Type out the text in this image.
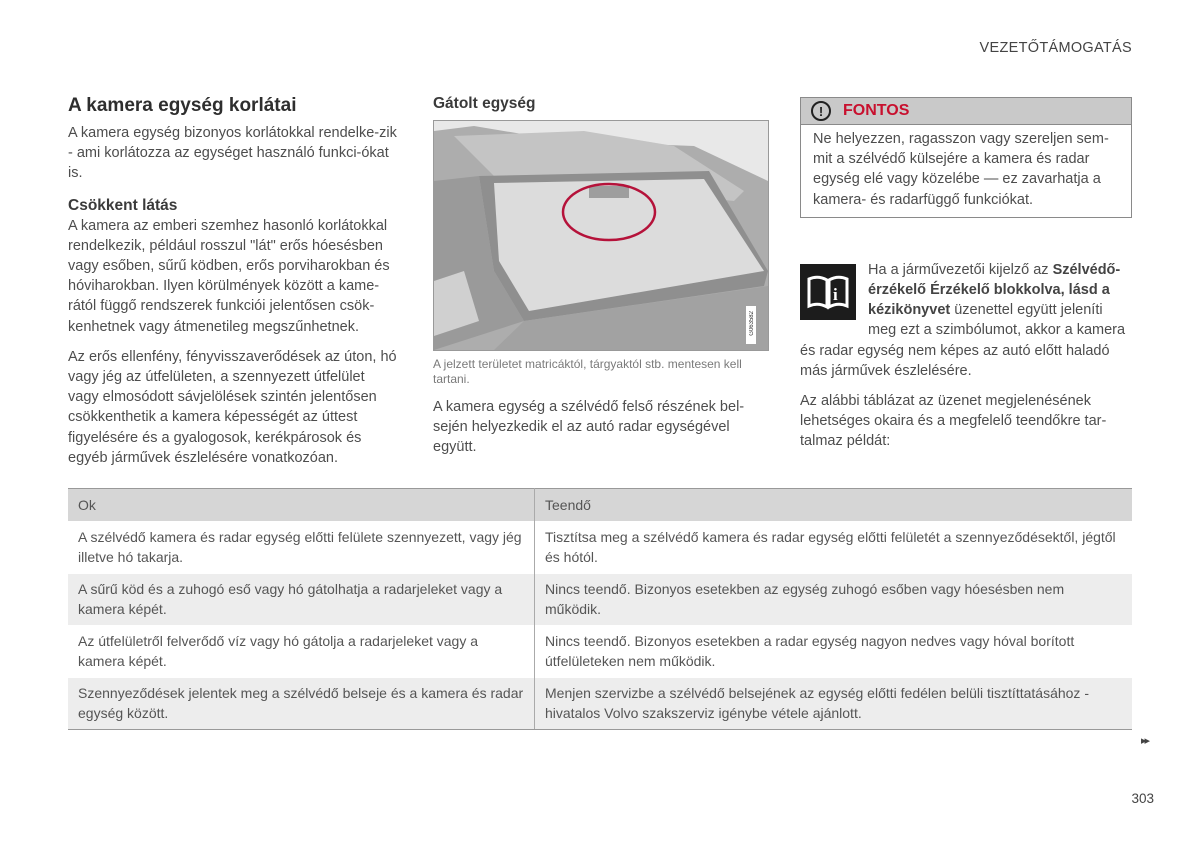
VEZETŐTÁMOGATÁS
A kamera egység korlátai

A kamera egység bizonyos korlátokkal rendelke-zik - ami korlátozza az egységet használó funkci-ókat is.

Csökkent látás

A kamera az emberi szemhez hasonló korlátokkal rendelkezik, például rosszul "lát" erős hóesésben vagy esőben, sűrű ködben, erős porviharokban és hóviharokban. Ilyen körülmények között a kame-rától függő rendszerek funkciói jelentősen csök-kenhetnek vagy átmenetileg megszűnhetnek.

Az erős ellenfény, fényvisszaverődések az úton, hó vagy jég az útfelületen, a szennyezett útfelület vagy elmosódott sávjelölések szintén jelentősen csökkenthetik a kamera képességét az úttest figyelésére és a gyalogosok, kerékpárosok és egyéb járművek észlelésére vonatkozóan.

Gátolt egység
G063582

A jelzett területet matricáktól, tárgyaktól stb. mentesen kell tartani.

A kamera egység a szélvédő felső részének bel-sején helyezkedik el az autó radar egységével együtt.

!	FONTOS

Ne helyezzen, ragasszon vagy szereljen sem-mit a szélvédő külsejére a kamera és radar egység elé vagy közelébe — ez zavarhatja a kamera- és radarfüggő funkciókat.

i

Ha a járművezetői kijelző az Szélvédő-érzékelő Érzékelő blokkolva, lásd a kézikönyvet üzenettel együtt jeleníti meg ezt a szimbólumot, akkor a kamera és radar egység nem képes az autó előtt haladó más járművek észlelésére.

Az alábbi táblázat az üzenet megjelenésének lehetséges okaira és a megfelelő teendőkre tar-talmaz példát:

Ok	Teendő
A szélvédő kamera és radar egység előtti felülete szennyezett, vagy jég illetve hó takarja.	Tisztítsa meg a szélvédő kamera és radar egység előtti felületét a szennyeződésektől, jégtől és hótól.
A sűrű köd és a zuhogó eső vagy hó gátolhatja a radarjeleket vagy a kamera képét.	Nincs teendő. Bizonyos esetekben az egység zuhogó esőben vagy hóesésben nem működik.
Az útfelületről felverődő víz vagy hó gátolja a radarjeleket vagy a kamera képét.	Nincs teendő. Bizonyos esetekben a radar egység nagyon nedves vagy hóval borított útfelületeken nem működik.
Szennyeződések jelentek meg a szélvédő belseje és a kamera és radar egység között.	Menjen szervizbe a szélvédő belsejének az egység előtti fedélen belüli tisztíttatásához - hivatalos Volvo szakszerviz igénybe vétele ajánlott.
▸▸
303
